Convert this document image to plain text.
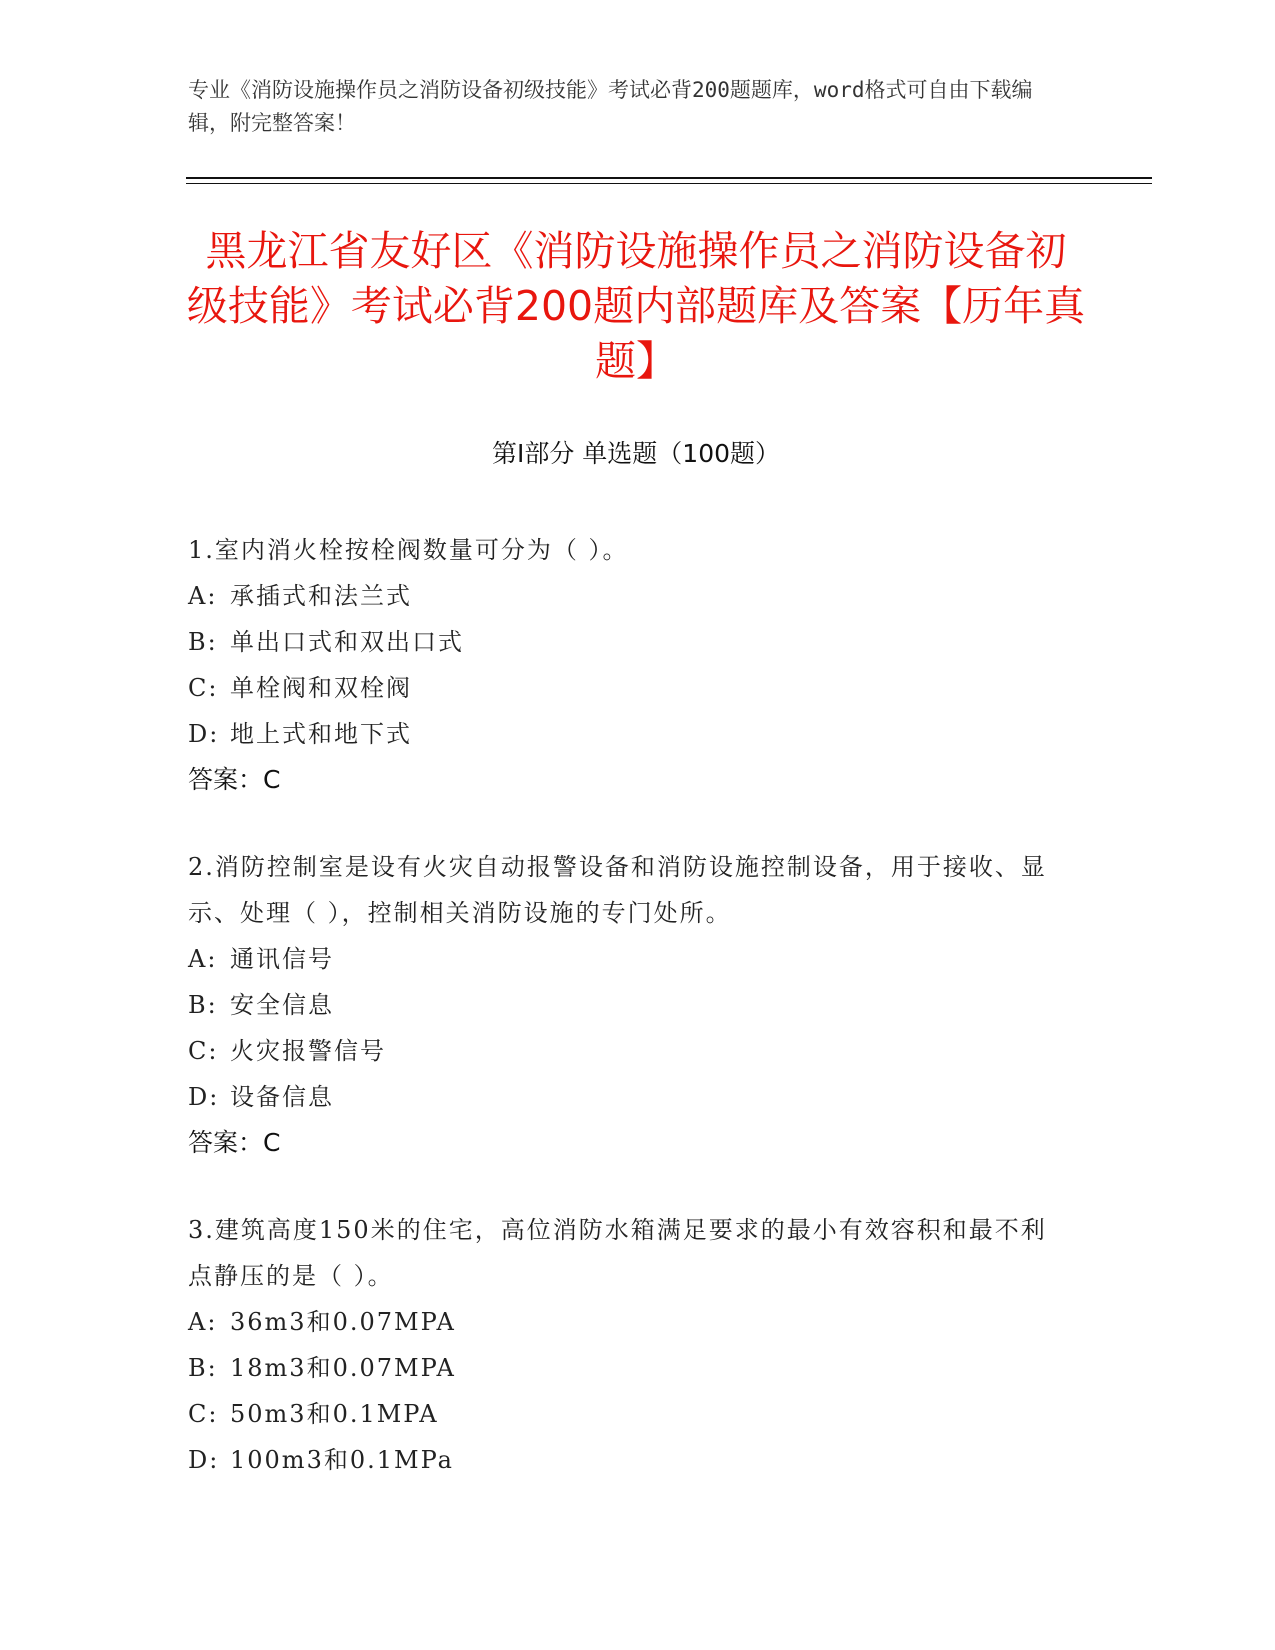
专业《消防设施操作员之消防设备初级技能》考试必背200题题库，word格式可自由下载编辑，附完整答案！
黑龙江省友好区《消防设施操作员之消防设备初级技能》考试必背200题内部题库及答案【历年真题】
第I部分 单选题（100题）
1.室内消火栓按栓阀数量可分为（ ）。
A: 承插式和法兰式
B: 单出口式和双出口式
C: 单栓阀和双栓阀
D: 地上式和地下式
答案：C
2.消防控制室是设有火灾自动报警设备和消防设施控制设备，用于接收、显示、处理（ ），控制相关消防设施的专门处所。
A: 通讯信号
B: 安全信息
C: 火灾报警信号
D: 设备信息
答案：C
3.建筑高度150米的住宅，高位消防水箱满足要求的最小有效容积和最不利点静压的是（ ）。
A: 36m3和0.07MPA
B: 18m3和0.07MPA
C: 50m3和0.1MPA
D: 100m3和0.1MPa
